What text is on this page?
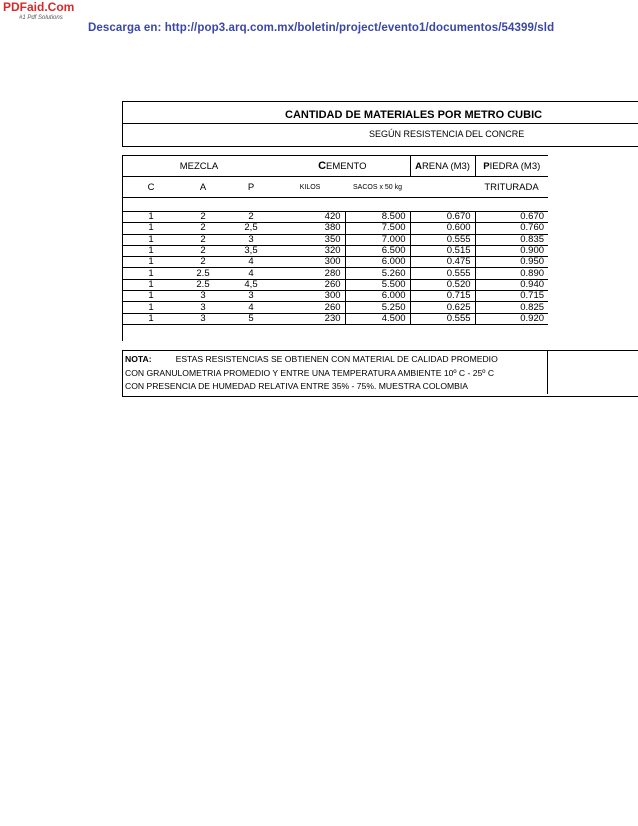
PDFaid.Com
#1 Pdf Solutions
Descarga en: http://pop3.arq.com.mx/boletin/project/evento1/documentos/54399/sld
CANTIDAD DE MATERIALES POR METRO CUBIC
SEGÚN RESISTENCIA DEL CONCRE
MEZCLA			CEMENTO		ARENA (M3)	PIEDRA (M3)
C	A	P	KILOS	SACOS x 50 kg		TRITURADA

1	2	2	420	8.500	0.670	0.670
1	2	2,5	380	7.500	0.600	0.760
1	2	3	350	7.000	0.555	0.835
1	2	3,5	320	6.500	0.515	0.900
1	2	4	300	6.000	0.475	0.950
1	2.5	4	280	5.260	0.555	0.890
1	2.5	4,5	260	5.500	0.520	0.940
1	3	3	300	6.000	0.715	0.715
1	3	4	260	5.250	0.625	0.825
1	3	5	230	4.500	0.555	0.920
NOTA:	ESTAS RESISTENCIAS SE OBTIENEN CON MATERIAL DE CALIDAD PROMEDIO
CON GRANULOMETRIA PROMEDIO Y ENTRE UNA TEMPERATURA AMBIENTE 10º C - 25º C
CON PRESENCIA DE HUMEDAD RELATIVA ENTRE 35% - 75%. MUESTRA COLOMBIA
